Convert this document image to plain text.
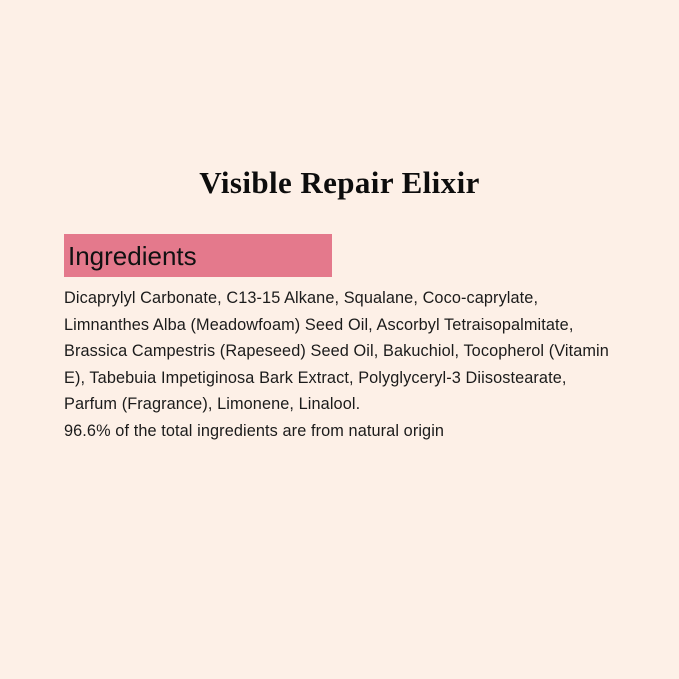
Visible Repair Elixir
Ingredients

Dicaprylyl Carbonate, C13-15 Alkane, Squalane, Coco-caprylate, Limnanthes Alba (Meadowfoam) Seed Oil, Ascorbyl Tetraisopalmitate, Brassica Campestris (Rapeseed) Seed Oil, Bakuchiol, Tocopherol (Vitamin E), Tabebuia Impetiginosa Bark Extract, Polyglyceryl-3 Diisostearate, Parfum (Fragrance), Limonene, Linalool.

96.6% of the total ingredients are from natural origin
